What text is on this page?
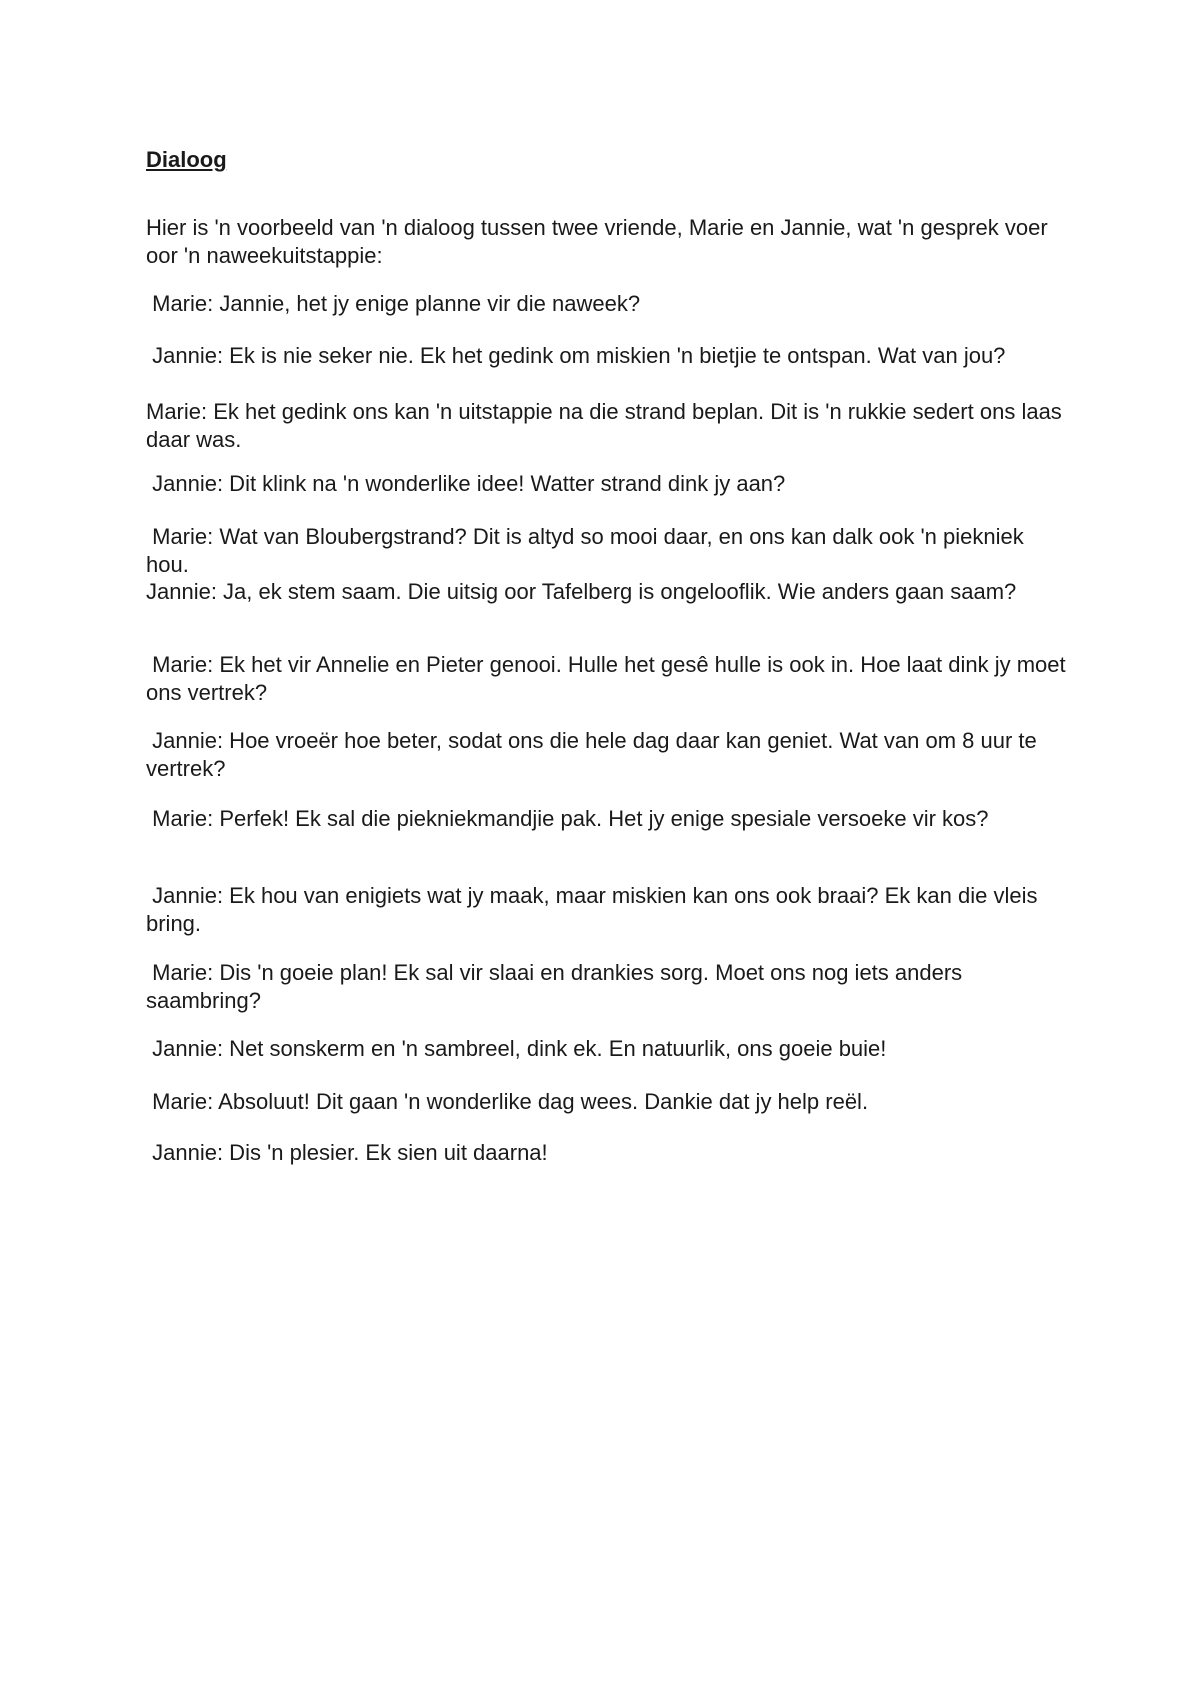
Dialoog

Hier is 'n voorbeeld van 'n dialoog tussen twee vriende, Marie en Jannie, wat 'n gesprek voer oor 'n naweekuitstappie:

Marie: Jannie, het jy enige planne vir die naweek?

Jannie: Ek is nie seker nie. Ek het gedink om miskien 'n bietjie te ontspan. Wat van jou?

Marie: Ek het gedink ons kan 'n uitstappie na die strand beplan. Dit is 'n rukkie sedert ons laas daar was.

Jannie: Dit klink na 'n wonderlike idee! Watter strand dink jy aan?

Marie: Wat van Bloubergstrand? Dit is altyd so mooi daar, en ons kan dalk ook 'n piekniek hou.

Jannie: Ja, ek stem saam. Die uitsig oor Tafelberg is ongelooflik. Wie anders gaan saam?

Marie: Ek het vir Annelie en Pieter genooi. Hulle het gesê hulle is ook in. Hoe laat dink jy moet ons vertrek?

Jannie: Hoe vroeër hoe beter, sodat ons die hele dag daar kan geniet. Wat van om 8 uur te vertrek?

Marie: Perfek! Ek sal die piekniekmandjie pak. Het jy enige spesiale versoeke vir kos?

Jannie: Ek hou van enigiets wat jy maak, maar miskien kan ons ook braai? Ek kan die vleis bring.

Marie: Dis 'n goeie plan! Ek sal vir slaai en drankies sorg. Moet ons nog iets anders saambring?

Jannie: Net sonskerm en 'n sambreel, dink ek. En natuurlik, ons goeie buie!

Marie: Absoluut! Dit gaan 'n wonderlike dag wees. Dankie dat jy help reël.

Jannie: Dis 'n plesier. Ek sien uit daarna!
